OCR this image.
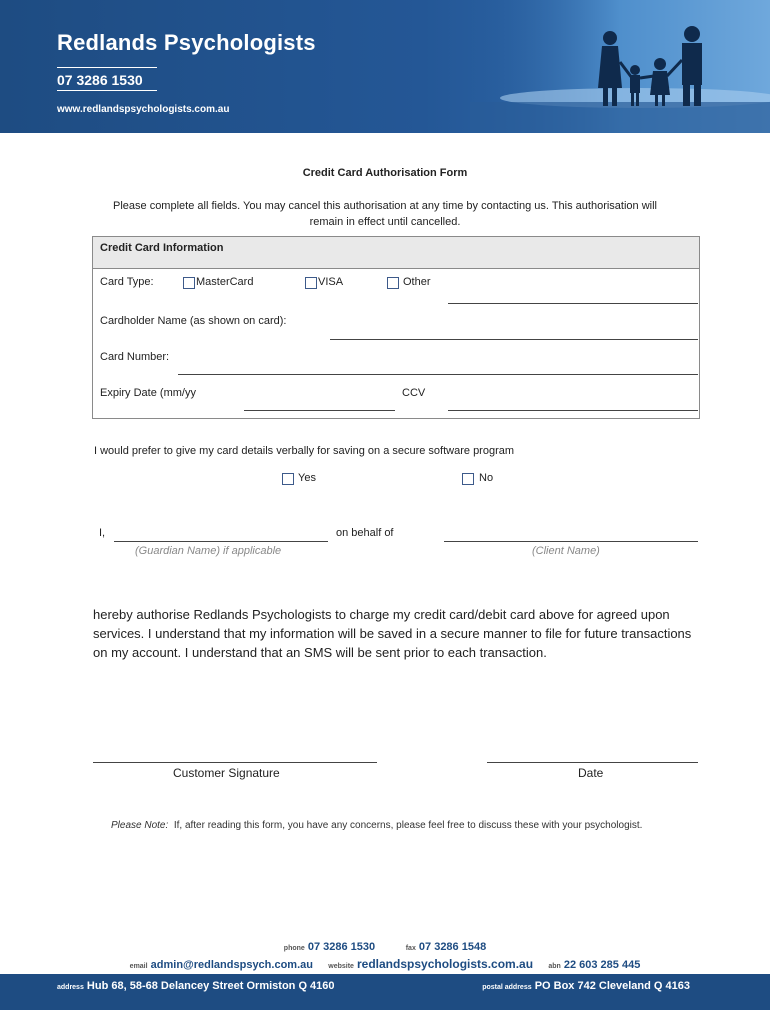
Redlands Psychologists
07 3286 1530
www.redlandspsychologists.com.au
Credit Card Authorisation Form
Please complete all fields. You may cancel this authorisation at any time by contacting us. This authorisation will remain in effect until cancelled.
Credit Card Information
Card Type:	MasterCard	VISA	Other
Cardholder Name (as shown on card):
Card Number:
Expiry Date (mm/yy	CCV
I would prefer to give my card details verbally for saving on a secure software program
Yes	No
I,	on behalf of
(Guardian Name) if applicable	(Client Name)
hereby authorise Redlands Psychologists to charge my credit card/debit card above for agreed upon services. I understand that my information will be saved in a secure manner to file for future transactions on my account. I understand that an SMS will be sent prior to each transaction.
Customer Signature	Date
Please Note: If, after reading this form, you have any concerns, please feel free to discuss these with your psychologist.
phone 07 3286 1530	fax 07 3286 1548
email admin@redlandspsych.com.au website redlandspsychologists.com.au abn 22 603 285 445
address Hub 68, 58-68 Delancey Street Ormiston Q 4160	postal address PO Box 742 Cleveland Q 4163
